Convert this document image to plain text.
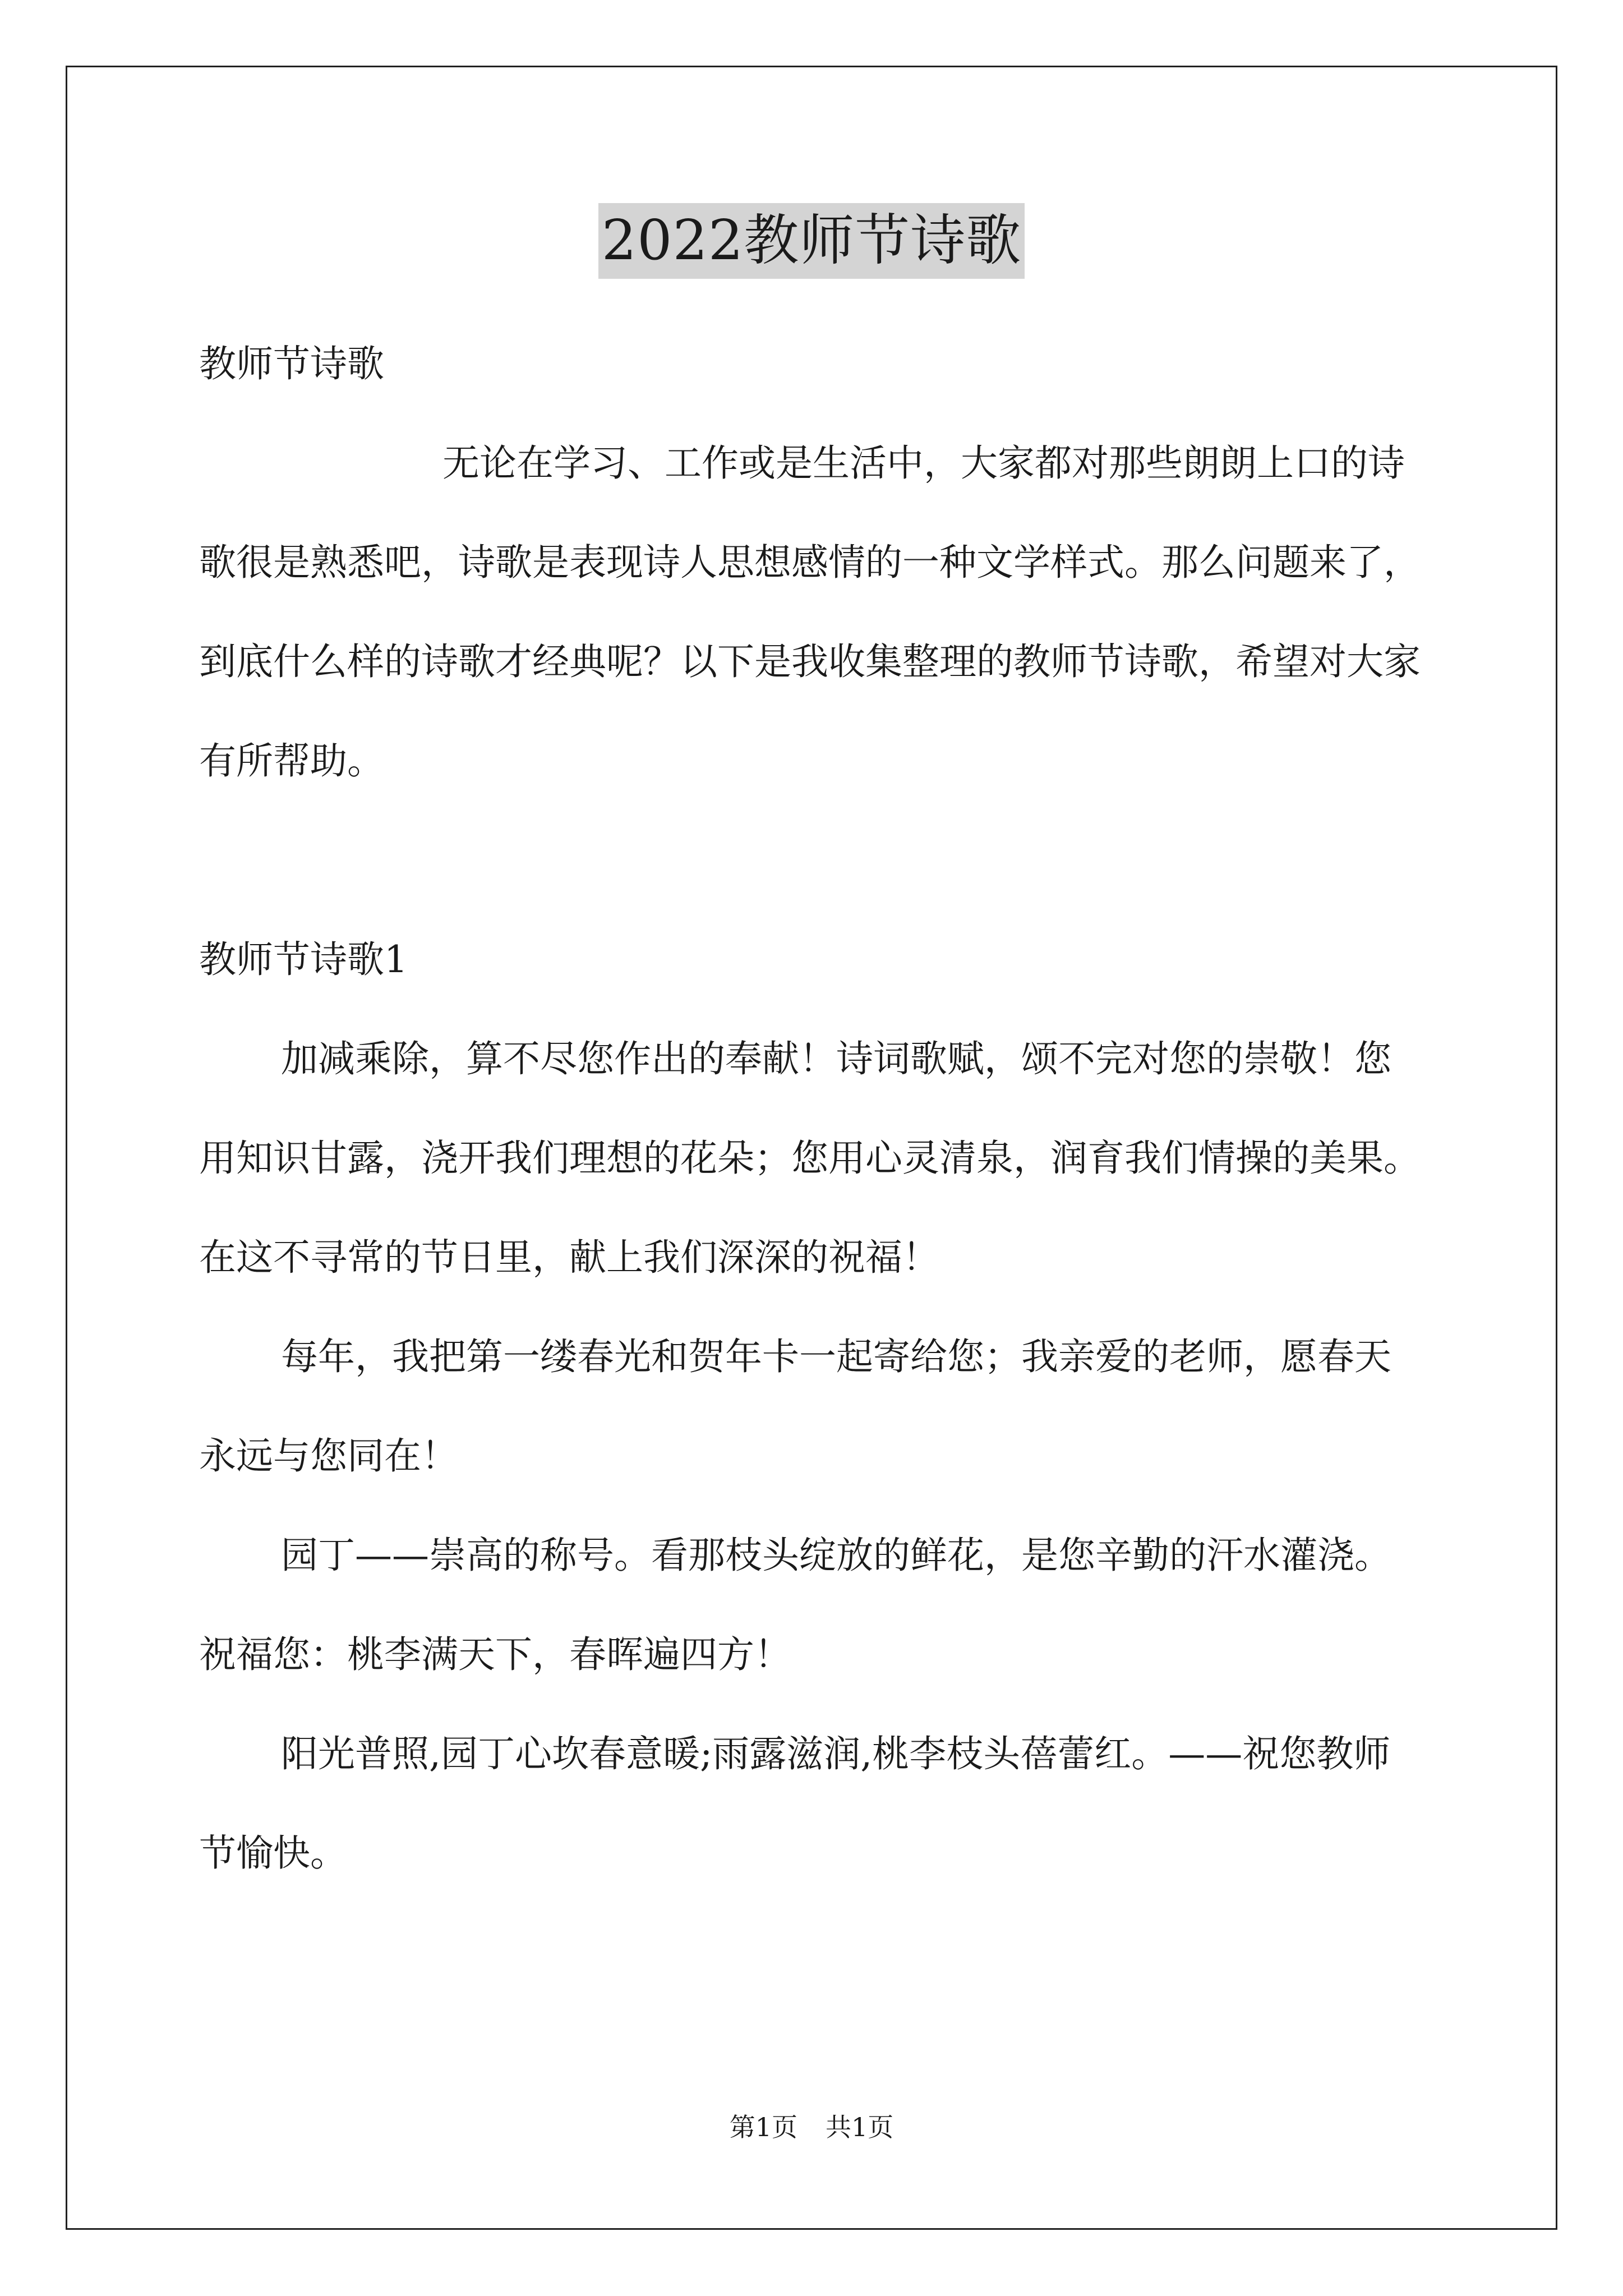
2022教师节诗歌

教师节诗歌

无论在学习、工作或是生活中，大家都对那些朗朗上口的诗歌很是熟悉吧，诗歌是表现诗人思想感情的一种文学样式。那么问题来了，到底什么样的诗歌才经典呢？以下是我收集整理的教师节诗歌，希望对大家有所帮助。

教师节诗歌1

加减乘除，算不尽您作出的奉献！诗词歌赋，颂不完对您的崇敬！您用知识甘露，浇开我们理想的花朵；您用心灵清泉，润育我们情操的美果。在这不寻常的节日里，献上我们深深的祝福！

每年，我把第一缕春光和贺年卡一起寄给您；我亲爱的老师，愿春天永远与您同在！

园丁——崇高的称号。看那枝头绽放的鲜花，是您辛勤的汗水灌浇。祝福您：桃李满天下，春晖遍四方！

阳光普照,园丁心坎春意暖;雨露滋润,桃李枝头蓓蕾红。——祝您教师节愉快。

第1页 共1页
